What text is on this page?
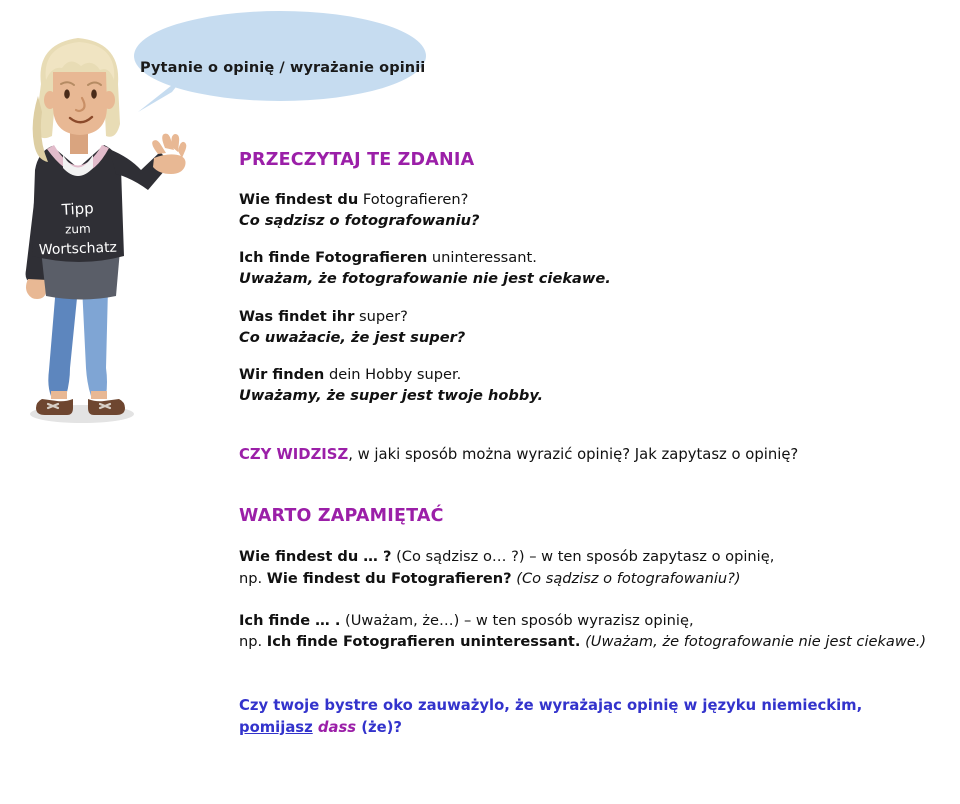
Tipp
zum
Wortschatz
Pytanie o opinię / wyrażanie opinii
PRZECZYTAJ TE ZDANIA
Wie findest du Fotografieren?
Co sądzisz o fotografowaniu?
Ich finde Fotografieren uninteressant.
Uważam, że fotografowanie nie jest ciekawe.
Was findet ihr super?
Co uważacie, że jest super?
Wir finden dein Hobby super.
Uważamy, że super jest twoje hobby.

CZY WIDZISZ, w jaki sposób można wyrazić opinię? Jak zapytasz o opinię?

WARTO ZAPAMIĘTAĆ

Wie findest du … ? (Co sądzisz o… ?) – w ten sposób zapytasz o opinię,
np. Wie findest du Fotografieren? (Co sądzisz o fotografowaniu?)

Ich finde … . (Uważam, że…) – w ten sposób wyrazisz opinię,
np. Ich finde Fotografieren uninteressant. (Uważam, że fotografowanie nie jest ciekawe.)

Czy twoje bystre oko zauważylo, że wyrażając opinię w języku niemieckim,
pomijasz dass (że)?
